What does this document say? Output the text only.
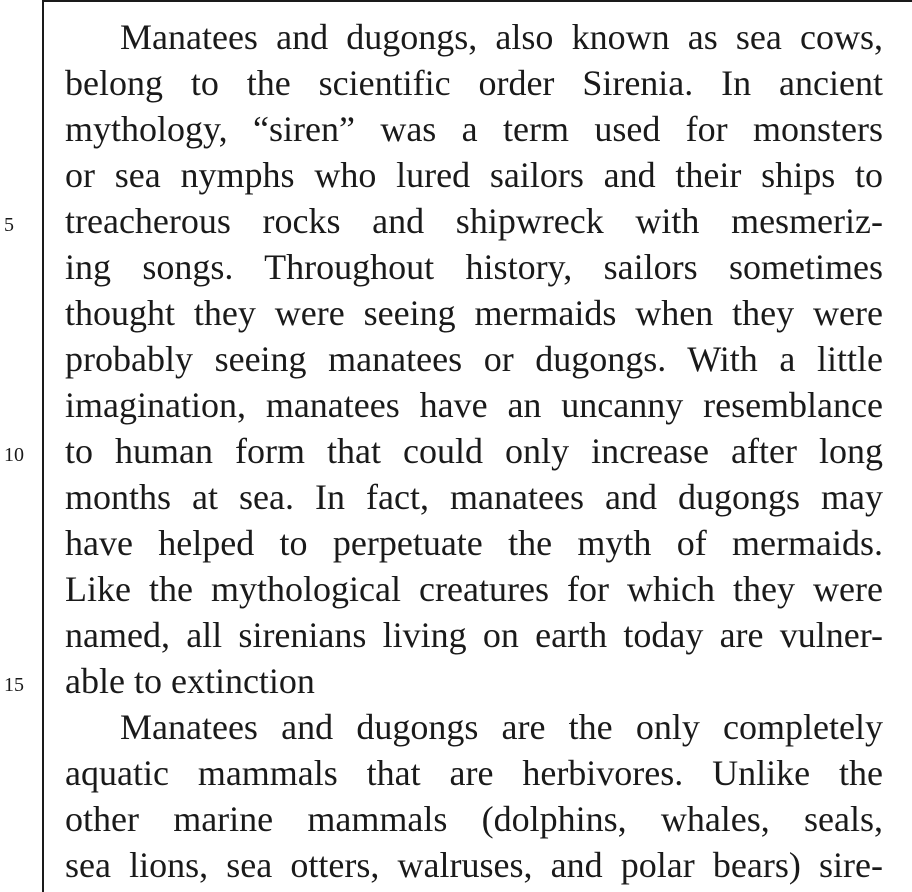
Manatees and dugongs, also known as sea cows,
belong to the scientific order Sirenia. In ancient
mythology, “siren” was a term used for monsters
or sea nymphs who lured sailors and their ships to
treacherous rocks and shipwreck with mesmeriz-
ing songs. Throughout history, sailors sometimes
thought they were seeing mermaids when they were
probably seeing manatees or dugongs. With a little
imagination, manatees have an uncanny resemblance
to human form that could only increase after long
months at sea. In fact, manatees and dugongs may
have helped to perpetuate the myth of mermaids.
Like the mythological creatures for which they were
named, all sirenians living on earth today are vulner-
able to extinction
Manatees and dugongs are the only completely
aquatic mammals that are herbivores. Unlike the
other marine mammals (dolphins, whales, seals,
sea lions, sea otters, walruses, and polar bears) sire-
5
10
15
